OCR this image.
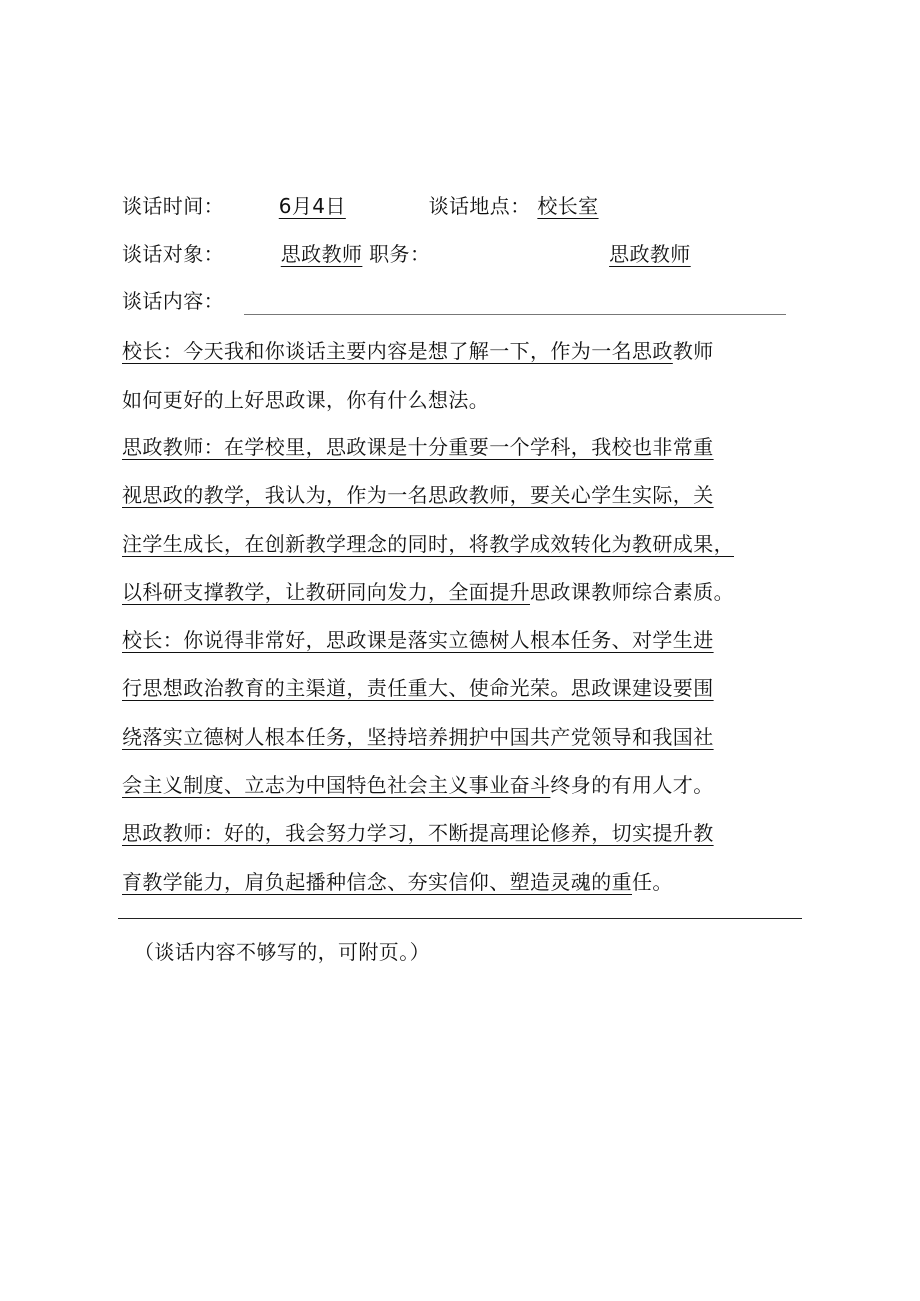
谈话时间：	6月4日	谈话地点： 校长室
谈话对象：	思政教师 职务：	思政教师
谈话内容：
校长：今天我和你谈话主要内容是想了解一下，作为一名思政教师
如何更好的上好思政课，你有什么想法。
思政教师：在学校里，思政课是十分重要一个学科，我校也非常重
视思政的教学，我认为，作为一名思政教师，要关心学生实际，关
注学生成长，在创新教学理念的同时，将教学成效转化为教研成果，
以科研支撑教学，让教研同向发力，全面提升思政课教师综合素质。
校长：你说得非常好，思政课是落实立德树人根本任务、对学生进
行思想政治教育的主渠道，责任重大、使命光荣。思政课建设要围
绕落实立德树人根本任务，坚持培养拥护中国共产党领导和我国社
会主义制度、立志为中国特色社会主义事业奋斗终身的有用人才。
思政教师：好的，我会努力学习，不断提高理论修养，切实提升教
育教学能力，肩负起播种信念、夯实信仰、塑造灵魂的重任。
（谈话内容不够写的，可附页。）
